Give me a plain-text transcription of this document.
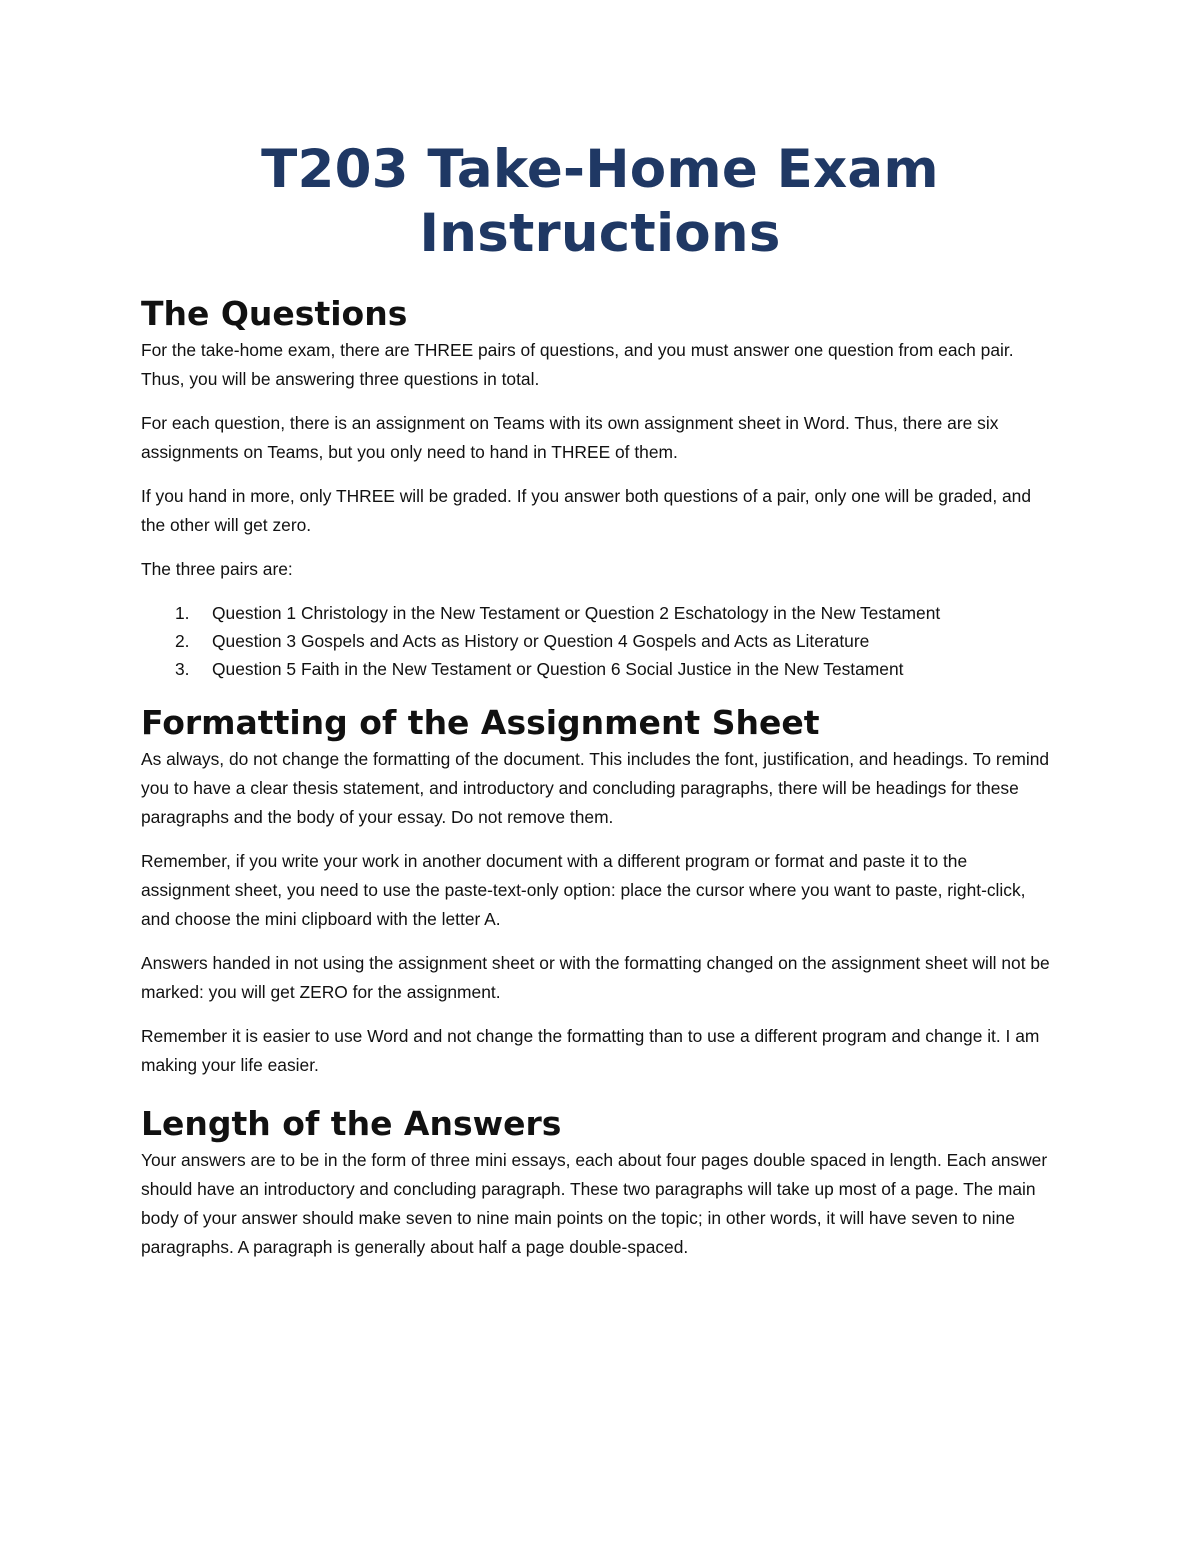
T203 Take-Home Exam Instructions
The Questions

For the take-home exam, there are THREE pairs of questions, and you must answer one question from each pair. Thus, you will be answering three questions in total.

For each question, there is an assignment on Teams with its own assignment sheet in Word. Thus, there are six assignments on Teams, but you only need to hand in THREE of them.

If you hand in more, only THREE will be graded. If you answer both questions of a pair, only one will be graded, and the other will get zero.

The three pairs are:

1.	Question 1 Christology in the New Testament or Question 2 Eschatology in the New Testament
2.	Question 3 Gospels and Acts as History or Question 4 Gospels and Acts as Literature
3.	Question 5 Faith in the New Testament or Question 6 Social Justice in the New Testament
Formatting of the Assignment Sheet

As always, do not change the formatting of the document. This includes the font, justification, and headings. To remind you to have a clear thesis statement, and introductory and concluding paragraphs, there will be headings for these paragraphs and the body of your essay. Do not remove them.

Remember, if you write your work in another document with a different program or format and paste it to the assignment sheet, you need to use the paste-text-only option: place the cursor where you want to paste, right-click, and choose the mini clipboard with the letter A.

Answers handed in not using the assignment sheet or with the formatting changed on the assignment sheet will not be marked: you will get ZERO for the assignment.

Remember it is easier to use Word and not change the formatting than to use a different program and change it. I am making your life easier.

Length of the Answers

Your answers are to be in the form of three mini essays, each about four pages double spaced in length. Each answer should have an introductory and concluding paragraph. These two paragraphs will take up most of a page. The main body of your answer should make seven to nine main points on the topic; in other words, it will have seven to nine paragraphs. A paragraph is generally about half a page double-spaced.
